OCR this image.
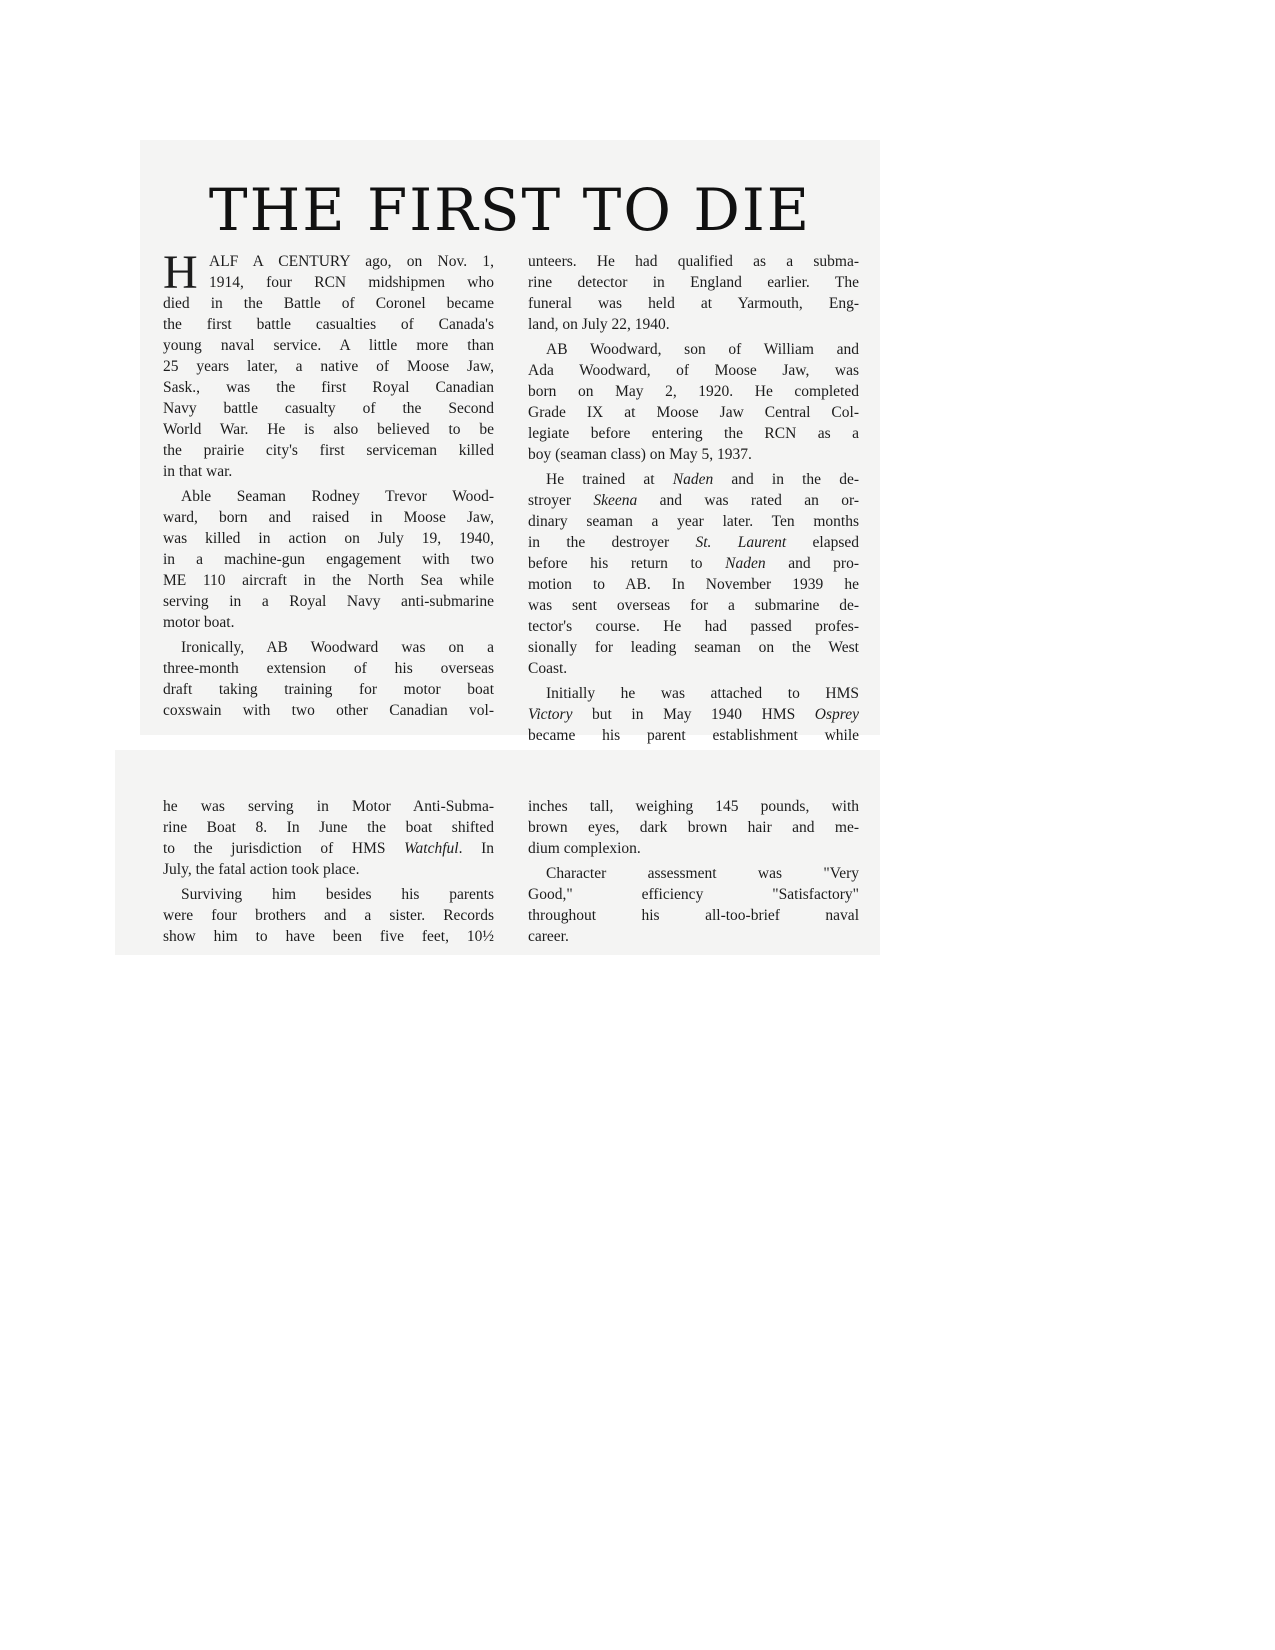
THE FIRST TO DIE
H ALF A CENTURY ago, on Nov. 1,
1914, four RCN midshipmen who
died in the Battle of Coronel became
the first battle casualties of Canada's
young naval service. A little more than
25 years later, a native of Moose Jaw,
Sask., was the first Royal Canadian
Navy battle casualty of the Second
World War. He is also believed to be
the prairie city's first serviceman killed
in that war.
Able Seaman Rodney Trevor Wood-
ward, born and raised in Moose Jaw,
was killed in action on July 19, 1940,
in a machine-gun engagement with two
ME 110 aircraft in the North Sea while
serving in a Royal Navy anti-submarine
motor boat.
Ironically, AB Woodward was on a
three-month extension of his overseas
draft taking training for motor boat
coxswain with two other Canadian vol-
unteers. He had qualified as a subma-
rine detector in England earlier. The
funeral was held at Yarmouth, Eng-
land, on July 22, 1940.
AB Woodward, son of William and
Ada Woodward, of Moose Jaw, was
born on May 2, 1920. He completed
Grade IX at Moose Jaw Central Col-
legiate before entering the RCN as a
boy (seaman class) on May 5, 1937.
He trained at Naden and in the de-
stroyer Skeena and was rated an or-
dinary seaman a year later. Ten months
in the destroyer St. Laurent elapsed
before his return to Naden and pro-
motion to AB. In November 1939 he
was sent overseas for a submarine de-
tector's course. He had passed profes-
sionally for leading seaman on the West
Coast.
Initially he was attached to HMS
Victory but in May 1940 HMS Osprey
became his parent establishment while
he was serving in Motor Anti-Subma-
rine Boat 8. In June the boat shifted
to the jurisdiction of HMS Watchful. In
July, the fatal action took place.
Surviving him besides his parents
were four brothers and a sister. Records
show him to have been five feet, 10½
inches tall, weighing 145 pounds, with
brown eyes, dark brown hair and me-
dium complexion.
Character assessment was "Very
Good," efficiency "Satisfactory"
throughout his all-too-brief naval
career.
